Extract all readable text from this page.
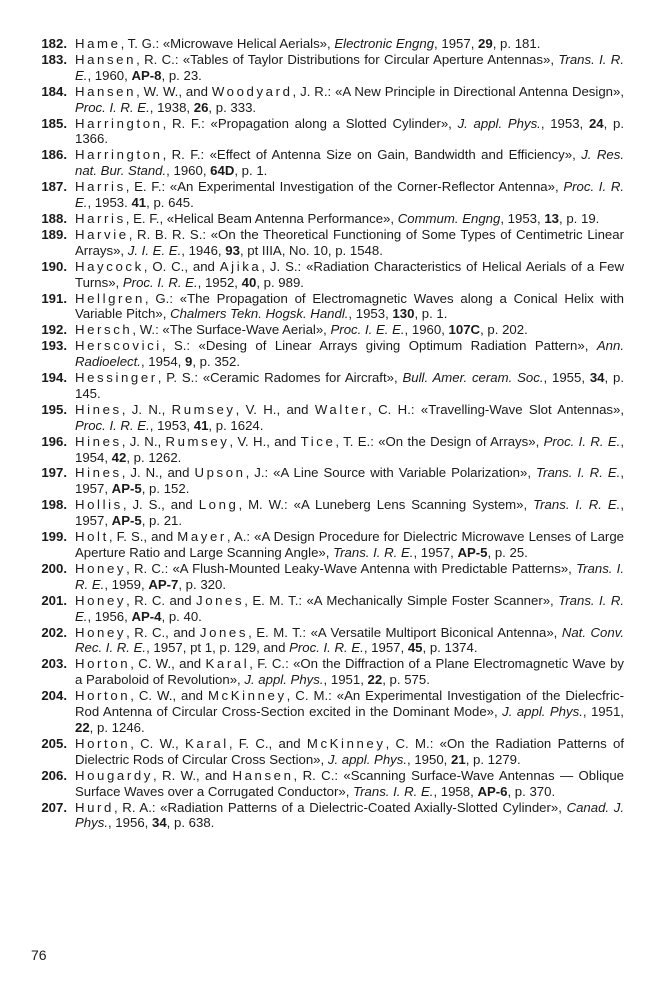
182. Hame, T. G.: «Microwave Helical Aerials», Electronic Engng, 1957, 29, p. 181.
183. Hansen, R. C.: «Tables of Taylor Distributions for Circular Aperture Antennas», Trans. I. R. E., 1960, AP-8, p. 23.
184. Hansen, W. W., and Woodyard, J. R.: «A New Principle in Directional Antenna Design», Proc. I. R. E., 1938, 26, p. 333.
185. Harrington, R. F.: «Propagation along a Slotted Cylinder», J. appl. Phys., 1953, 24, p. 1366.
186. Harrington, R. F.: «Effect of Antenna Size on Gain, Bandwidth and Efficiency», J. Res. nat. Bur. Stand., 1960, 64D, p. 1.
187. Harris, E. F.: «An Experimental Investigation of the Corner-Reflector Antenna», Proc. I. R. E., 1953. 41, p. 645.
188. Harris, E. F., «Helical Beam Antenna Performance», Commum. Engng, 1953, 13, p. 19.
189. Harvie, R. B. R. S.: «On the Theoretical Functioning of Some Types of Centimetric Linear Arrays», J. I. E. E., 1946, 93, pt IIIA, No. 10, p. 1548.
190. Haycock, O. C., and Ajika, J. S.: «Radiation Characteristics of Helical Aerials of a Few Turns», Proc. I. R. E., 1952, 40, p. 989.
191. Hellgren, G.: «The Propagation of Electromagnetic Waves along a Conical Helix with Variable Pitch», Chalmers Tekn. Hogsk. Handl., 1953, 130, p. 1.
192. Hersch, W.: «The Surface-Wave Aerial», Proc. I. E. E., 1960, 107C, p. 202.
193. Herscovici, S.: «Desing of Linear Arrays giving Optimum Radiation Pattern», Ann. Radioelect., 1954, 9, p. 352.
194. Hessinger, P. S.: «Ceramic Radomes for Aircraft», Bull. Amer. ceram. Soc., 1955, 34, p. 145.
195. Hines, J. N., Rumsey, V. H., and Walter, C. H.: «Travelling-Wave Slot Antennas», Proc. I. R. E., 1953, 41, p. 1624.
196. Hines, J. N., Rumsey, V. H., and Tice, T. E.: «On the Design of Arrays», Proc. I. R. E., 1954, 42, p. 1262.
197. Hines, J. N., and Upson, J.: «A Line Source with Variable Polarization», Trans. I. R. E., 1957, AP-5, p. 152.
198. Hollis, J. S., and Long, M. W.: «A Luneberg Lens Scanning System», Trans. I. R. E., 1957, AP-5, p. 21.
199. Holt, F. S., and Mayer, A.: «A Design Procedure for Dielectric Microwave Lenses of Large Aperture Ratio and Large Scanning Angle», Trans. I. R. E., 1957, AP-5, p. 25.
200. Honey, R. C.: «A Flush-Mounted Leaky-Wave Antenna with Predictable Patterns», Trans. I. R. E., 1959, AP-7, p. 320.
201. Honey, R. C. and Jones, E. M. T.: «A Mechanically Simple Foster Scanner», Trans. I. R. E., 1956, AP-4, p. 40.
202. Honey, R. C., and Jones, E. M. T.: «A Versatile Multiport Biconical Antenna», Nat. Conv. Rec. I. R. E., 1957, pt 1, p. 129, and Proc. I. R. E., 1957, 45, p. 1374.
203. Horton, C. W., and Karal, F. C.: «On the Diffraction of a Plane Electromagnetic Wave by a Paraboloid of Revolution», J. appl. Phys., 1951, 22, p. 575.
204. Horton, C. W., and McKinney, C. M.: «An Experimental Investigation of the Dielecfric-Rod Antenna of Circular Cross-Section excited in the Dominant Mode», J. appl. Phys., 1951, 22, p. 1246.
205. Horton, C. W., Karal, F. C., and McKinney, C. M.: «On the Radiation Patterns of Dielectric Rods of Circular Cross Section», J. appl. Phys., 1950, 21, p. 1279.
206. Hougardy, R. W., and Hansen, R. C.: «Scanning Surface-Wave Antennas — Oblique Surface Waves over a Corrugated Conductor», Trans. I. R. E., 1958, AP-6, p. 370.
207. Hurd, R. A.: «Radiation Patterns of a Dielectric-Coated Axially-Slotted Cylinder», Canad. J. Phys., 1956, 34, p. 638.
76
